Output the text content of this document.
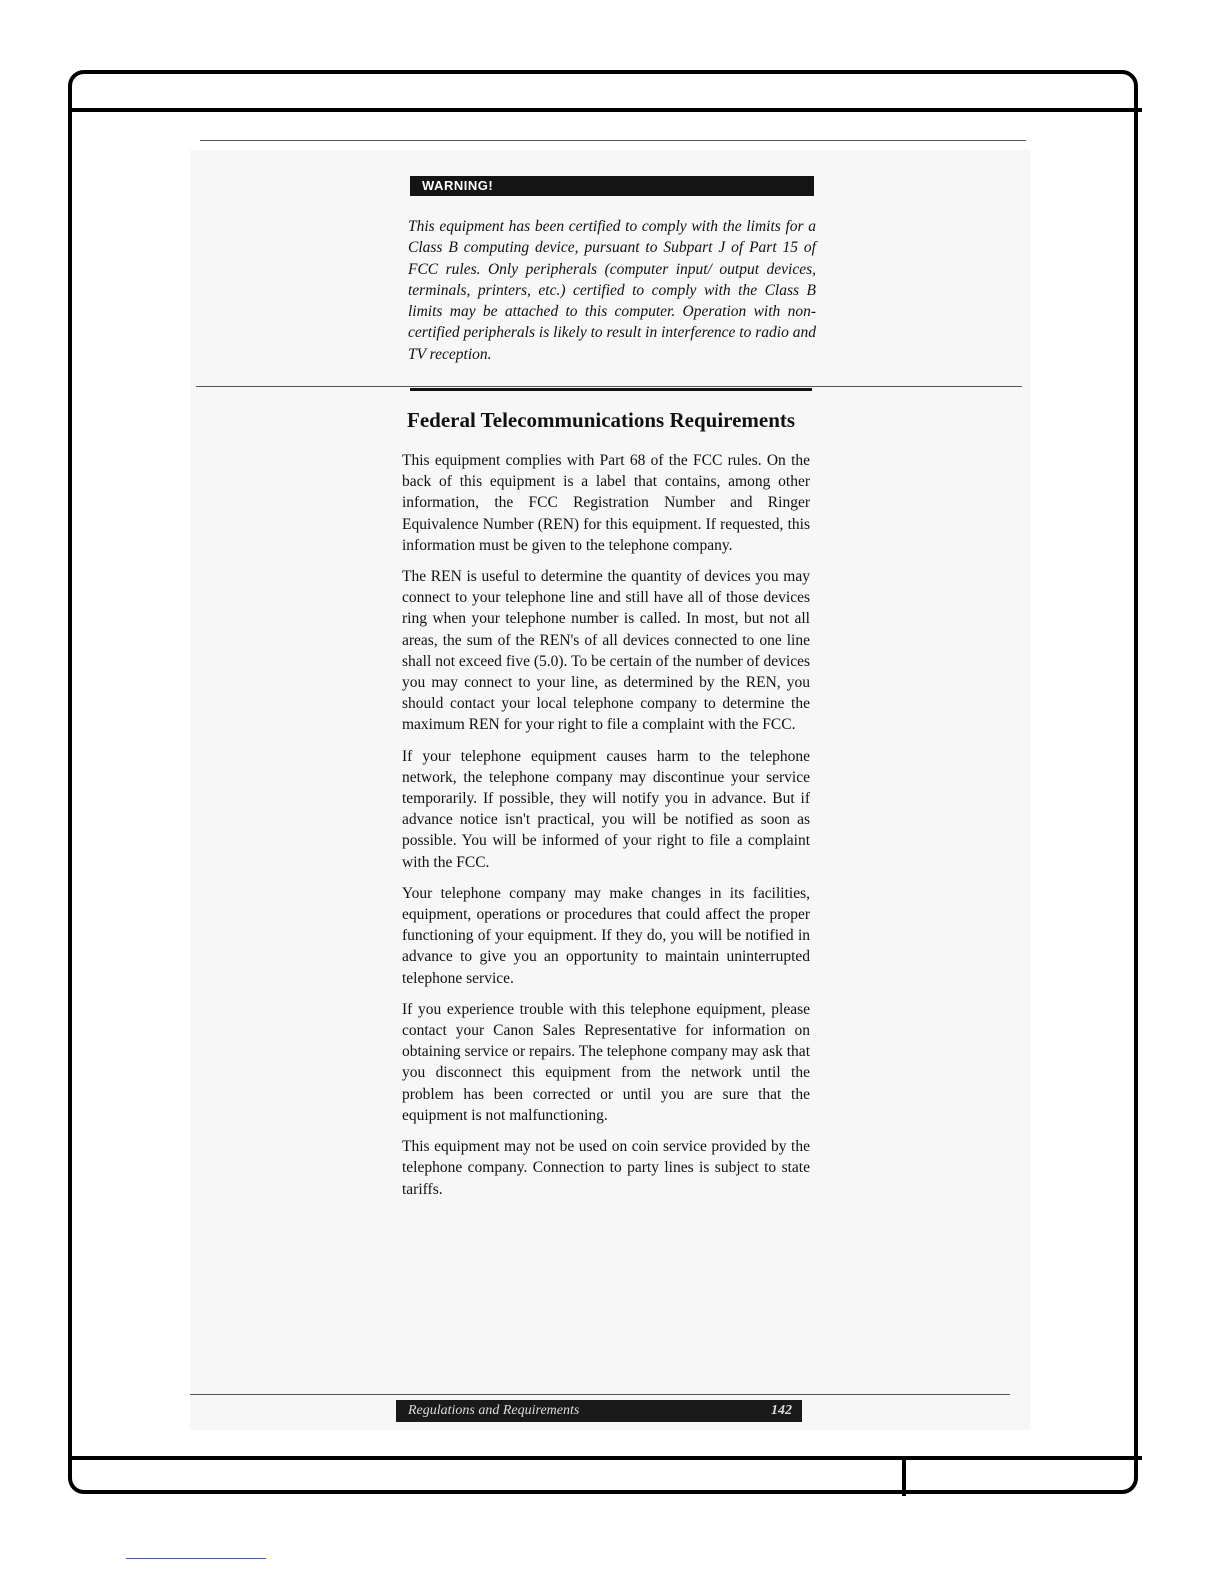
WARNING!
This equipment has been certified to comply with the limits for a Class B computing device, pursuant to Subpart J of Part 15 of FCC rules. Only peripherals (computer input/ output devices, terminals, printers, etc.) certified to comply with the Class B limits may be attached to this computer. Operation with non-certified peripherals is likely to result in interference to radio and TV reception.
Federal Telecommunications Requirements

This equipment complies with Part 68 of the FCC rules. On the back of this equipment is a label that contains, among other information, the FCC Registration Number and Ringer Equivalence Number (REN) for this equipment. If requested, this information must be given to the telephone company.

The REN is useful to determine the quantity of devices you may connect to your telephone line and still have all of those devices ring when your telephone number is called. In most, but not all areas, the sum of the REN's of all devices connected to one line shall not exceed five (5.0). To be certain of the number of devices you may connect to your line, as determined by the REN, you should contact your local telephone company to determine the maximum REN for your right to file a complaint with the FCC.

If your telephone equipment causes harm to the telephone network, the telephone company may discontinue your service temporarily. If possible, they will notify you in advance. But if advance notice isn't practical, you will be notified as soon as possible. You will be informed of your right to file a complaint with the FCC.

Your telephone company may make changes in its facilities, equipment, operations or procedures that could affect the proper functioning of your equipment. If they do, you will be notified in advance to give you an opportunity to maintain uninterrupted telephone service.

If you experience trouble with this telephone equipment, please contact your Canon Sales Representative for information on obtaining service or repairs. The telephone company may ask that you disconnect this equipment from the network until the problem has been corrected or until you are sure that the equipment is not malfunctioning.

This equipment may not be used on coin service provided by the telephone company. Connection to party lines is subject to state tariffs.

Regulations and Requirements	142
